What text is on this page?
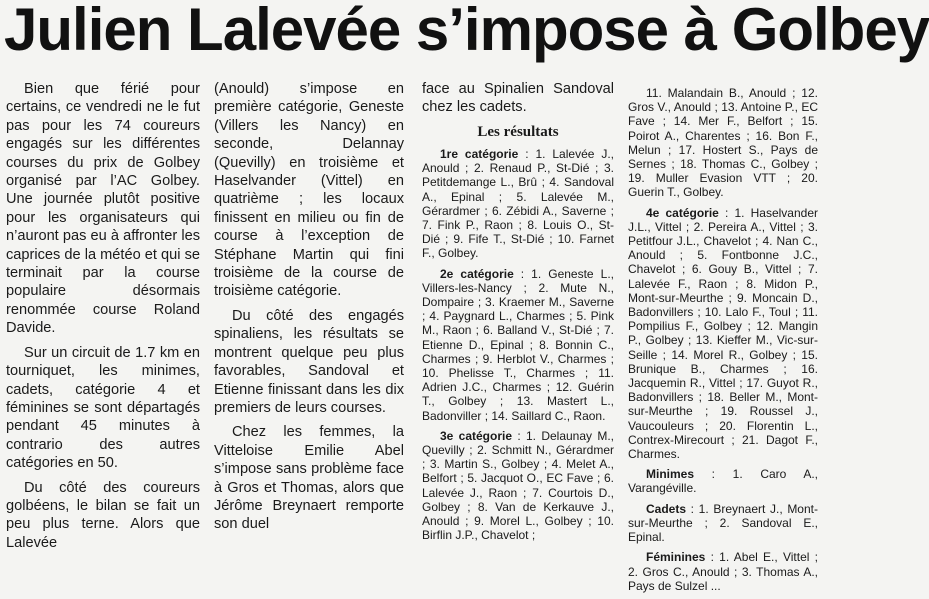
Julien Lalevée s’impose à Golbey

Bien que férié pour certains, ce vendredi ne le fut pas pour les 74 coureurs engagés sur les différentes courses du prix de Golbey organisé par l’AC Golbey. Une journée plutôt positive pour les organisateurs qui n’auront pas eu à affronter les caprices de la météo et qui se terminait par la course populaire désormais renommée course Roland Davide.

Sur un circuit de 1.7 km en tourniquet, les minimes, cadets, catégorie 4 et féminines se sont départagés pendant 45 minutes à contrario des autres catégories en 50.

Du côté des coureurs golbéens, le bilan se fait un peu plus terne. Alors que Lalevée

(Anould) s’impose en première catégorie, Geneste (Villers les Nancy) en seconde, Delannay (Quevilly) en troisième et Haselvander (Vittel) en quatrième ; les locaux finissent en milieu ou fin de course à l’exception de Stéphane Martin qui fini troisième de la course de troisième catégorie.

Du côté des engagés spinaliens, les résultats se montrent quelque peu plus favorables, Sandoval et Etienne finissant dans les dix premiers de leurs courses.

Chez les femmes, la Vitteloise Emilie Abel s’impose sans problème face à Gros et Thomas, alors que Jérôme Breynaert remporte son duel

face au Spinalien Sandoval chez les cadets.

Les résultats

1re catégorie : 1. Lalevée J., Anould ; 2. Renaud P., St-Dié ; 3. Petitdemange L., Brû ; 4. Sandoval A., Epinal ; 5. Lalevée M., Gérardmer ; 6. Zébidi A., Saverne ; 7. Fink P., Raon ; 8. Louis O., St-Dié ; 9. Fife T., St-Dié ; 10. Farnet F., Golbey.

2e catégorie : 1. Geneste L., Villers-les-Nancy ; 2. Mute N., Dompaire ; 3. Kraemer M., Saverne ; 4. Paygnard L., Charmes ; 5. Pink M., Raon ; 6. Balland V., St-Dié ; 7. Etienne D., Epinal ; 8. Bonnin C., Charmes ; 9. Herblot V., Charmes ; 10. Phelisse T., Charmes ; 11. Adrien J.C., Charmes ; 12. Guérin T., Golbey ; 13. Mastert L., Badonviller ; 14. Saillard C., Raon.

3e catégorie : 1. Delaunay M., Quevilly ; 2. Schmitt N., Gérardmer ; 3. Martin S., Golbey ; 4. Melet A., Belfort ; 5. Jacquot O., EC Fave ; 6. Lalevée J., Raon ; 7. Courtois D., Golbey ; 8. Van de Kerkauve J., Anould ; 9. Morel L., Golbey ; 10. Birflin J.P., Chavelot ;

11. Malandain B., Anould ; 12. Gros V., Anould ; 13. Antoine P., EC Fave ; 14. Mer F., Belfort ; 15. Poirot A., Charentes ; 16. Bon F., Melun ; 17. Hostert S., Pays de Sernes ; 18. Thomas C., Golbey ; 19. Muller Evasion VTT ; 20. Guerin T., Golbey.

4e catégorie : 1. Haselvander J.L., Vittel ; 2. Pereira A., Vittel ; 3. Petitfour J.L., Chavelot ; 4. Nan C., Anould ; 5. Fontbonne J.C., Chavelot ; 6. Gouy B., Vittel ; 7. Lalevée F., Raon ; 8. Midon P., Mont-sur-Meurthe ; 9. Moncain D., Badonvillers ; 10. Lalo F., Toul ; 11. Pompilius F., Golbey ; 12. Mangin P., Golbey ; 13. Kieffer M., Vic-sur-Seille ; 14. Morel R., Golbey ; 15. Brunique B., Charmes ; 16. Jacquemin R., Vittel ; 17. Guyot R., Badonvillers ; 18. Beller M., Mont-sur-Meurthe ; 19. Roussel J., Vaucouleurs ; 20. Florentin L., Contrex-Mirecourt ; 21. Dagot F., Charmes.

Minimes : 1. Caro A., Varangéville.

Cadets : 1. Breynaert J., Mont-sur-Meurthe ; 2. Sandoval E., Epinal.

Féminines : 1. Abel E., Vittel ; 2. Gros C., Anould ; 3. Thomas A., Pays de Sulzel ...
